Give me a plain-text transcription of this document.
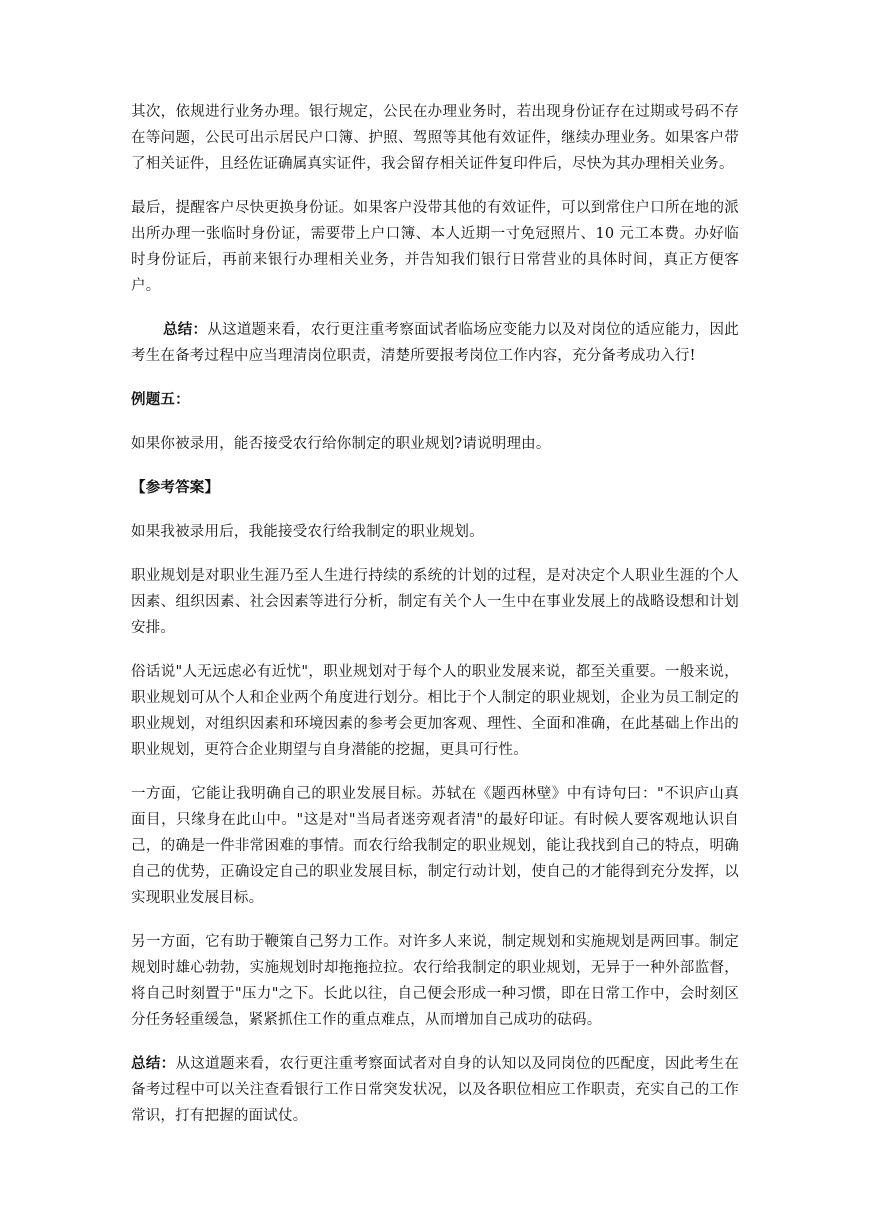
其次，依规进行业务办理。银行规定，公民在办理业务时，若出现身份证存在过期或号码不存在等问题，公民可出示居民户口簿、护照、驾照等其他有效证件，继续办理业务。如果客户带了相关证件，且经佐证确属真实证件，我会留存相关证件复印件后，尽快为其办理相关业务。

最后，提醒客户尽快更换身份证。如果客户没带其他的有效证件，可以到常住户口所在地的派出所办理一张临时身份证，需要带上户口簿、本人近期一寸免冠照片、10 元工本费。办好临时身份证后，再前来银行办理相关业务，并告知我们银行日常营业的具体时间，真正方便客户。

总结：从这道题来看，农行更注重考察面试者临场应变能力以及对岗位的适应能力，因此考生在备考过程中应当理清岗位职责，清楚所要报考岗位工作内容，充分备考成功入行!

例题五：

如果你被录用，能否接受农行给你制定的职业规划?请说明理由。

【参考答案】

如果我被录用后，我能接受农行给我制定的职业规划。

职业规划是对职业生涯乃至人生进行持续的系统的计划的过程，是对决定个人职业生涯的个人因素、组织因素、社会因素等进行分析，制定有关个人一生中在事业发展上的战略设想和计划安排。

俗话说"人无远虑必有近忧"，职业规划对于每个人的职业发展来说，都至关重要。一般来说，职业规划可从个人和企业两个角度进行划分。相比于个人制定的职业规划，企业为员工制定的职业规划，对组织因素和环境因素的参考会更加客观、理性、全面和准确，在此基础上作出的职业规划，更符合企业期望与自身潜能的挖掘，更具可行性。

一方面，它能让我明确自己的职业发展目标。苏轼在《题西林壁》中有诗句曰："不识庐山真面目，只缘身在此山中。"这是对"当局者迷旁观者清"的最好印证。有时候人要客观地认识自己，的确是一件非常困难的事情。而农行给我制定的职业规划，能让我找到自己的特点，明确自己的优势，正确设定自己的职业发展目标，制定行动计划，使自己的才能得到充分发挥，以实现职业发展目标。

另一方面，它有助于鞭策自己努力工作。对许多人来说，制定规划和实施规划是两回事。制定规划时雄心勃勃，实施规划时却拖拖拉拉。农行给我制定的职业规划，无异于一种外部监督，将自己时刻置于"压力"之下。长此以往，自己便会形成一种习惯，即在日常工作中，会时刻区分任务轻重缓急，紧紧抓住工作的重点难点，从而增加自己成功的砝码。

总结：从这道题来看，农行更注重考察面试者对自身的认知以及同岗位的匹配度，因此考生在备考过程中可以关注查看银行工作日常突发状况，以及各职位相应工作职责，充实自己的工作常识，打有把握的面试仗。
